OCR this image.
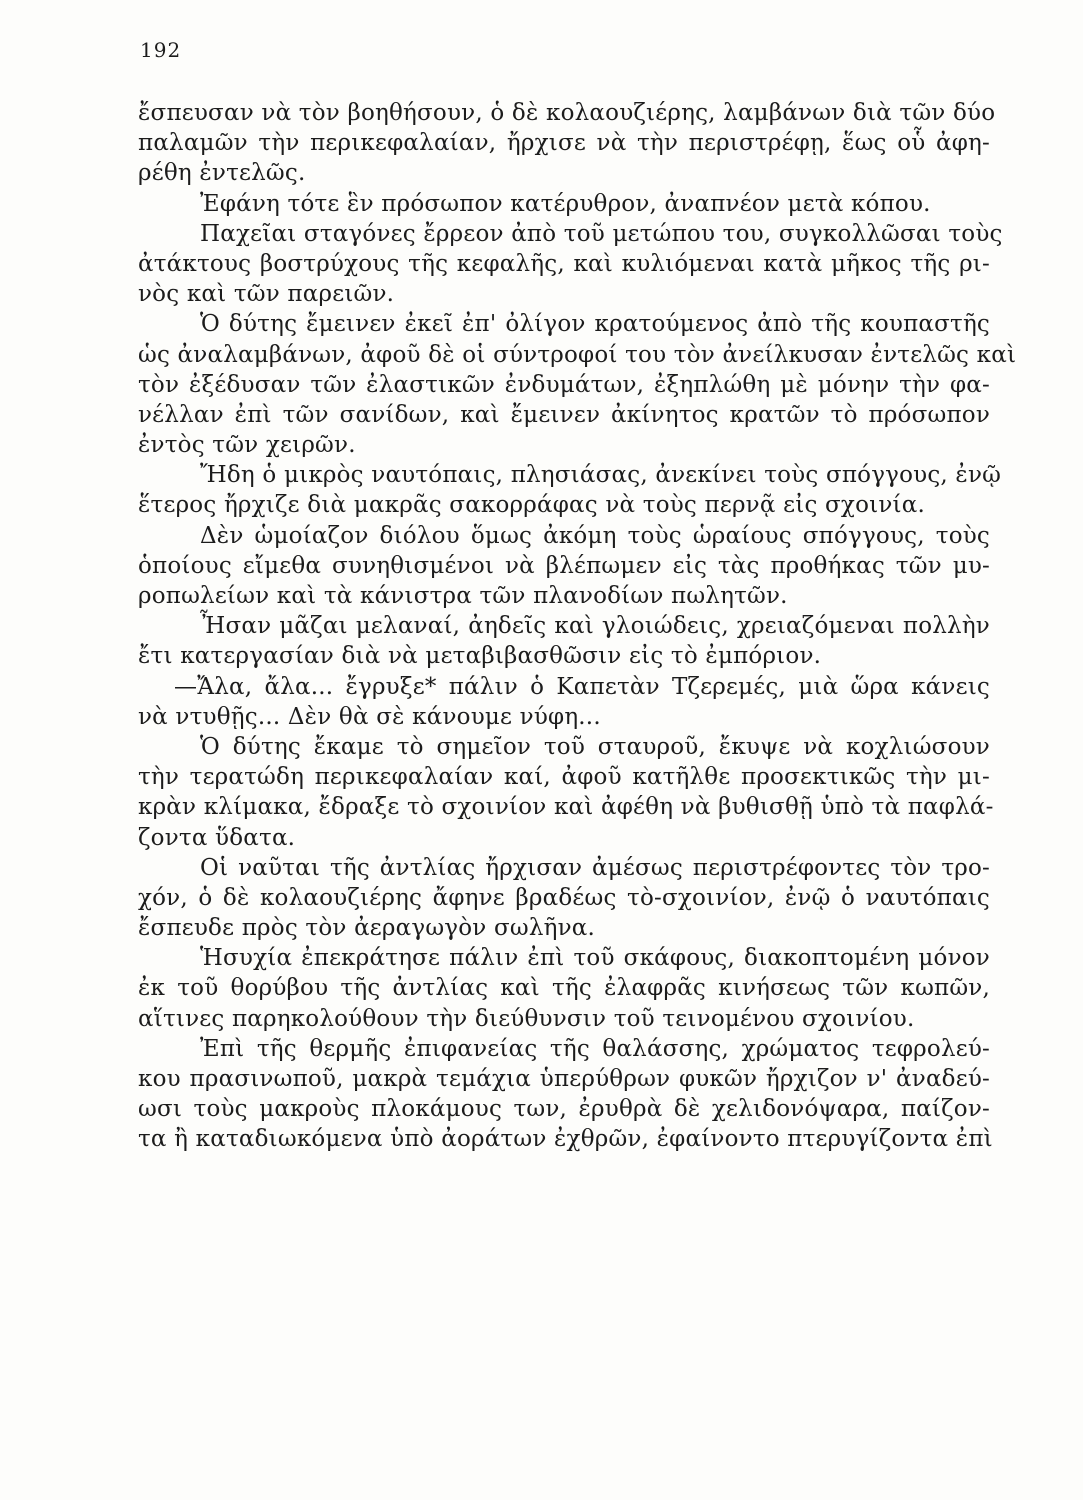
192
ἔσπευσαν νὰ τὸν βοηθήσουν, ὁ δὲ κολαουζιέρης, λαμβάνων διὰ τῶν δύο
παλαμῶν τὴν περικεφαλαίαν, ἤρχισε νὰ τὴν περιστρέφῃ, ἕως οὗ ἀφη-
ρέθη ἐντελῶς.
Ἐφάνη τότε ἓν πρόσωπον κατέρυθρον, ἀναπνέον μετὰ κόπου.
Παχεῖαι σταγόνες ἔρρεον ἀπὸ τοῦ μετώπου του, συγκολλῶσαι τοὺς
ἀτάκτους βοστρύχους τῆς κεφαλῆς, καὶ κυλιόμεναι κατὰ μῆκος τῆς ρι-
νὸς καὶ τῶν παρειῶν.
Ὁ δύτης ἔμεινεν ἐκεῖ ἐπ' ὀλίγον κρατούμενος ἀπὸ τῆς κουπαστῆς
ὡς ἀναλαμβάνων, ἀφοῦ δὲ οἱ σύντροφοί του τὸν ἀνείλκυσαν ἐντελῶς καὶ
τὸν ἐξέδυσαν τῶν ἐλαστικῶν ἐνδυμάτων, ἐξηπλώθη μὲ μόνην τὴν φα-
νέλλαν ἐπὶ τῶν σανίδων, καὶ ἔμεινεν ἀκίνητος κρατῶν τὸ πρόσωπον
ἐντὸς τῶν χειρῶν.
Ἤδη ὁ μικρὸς ναυτόπαις, πλησιάσας, ἀνεκίνει τοὺς σπόγγους, ἐνῷ
ἕτερος ἤρχιζε διὰ μακρᾶς σακορράφας νὰ τοὺς περνᾷ εἰς σχοινία.
Δὲν ὡμοίαζον διόλου ὅμως ἀκόμη τοὺς ὡραίους σπόγγους, τοὺς
ὁποίους εἴμεθα συνηθισμένοι νὰ βλέπωμεν εἰς τὰς προθήκας τῶν μυ-
ροπωλείων καὶ τὰ κάνιστρα τῶν πλανοδίων πωλητῶν.
Ἦσαν μᾶζαι μελαναί, ἀηδεῖς καὶ γλοιώδεις, χρειαζόμεναι πολλὴν
ἔτι κατεργασίαν διὰ νὰ μεταβιβασθῶσιν εἰς τὸ ἐμπόριον.
—Ἄλα, ἄλα... ἔγρυξε* πάλιν ὁ Καπετὰν Τζερεμές, μιὰ ὥρα κάνεις
νὰ ντυθῇς... Δὲν θὰ σὲ κάνουμε νύφη...
Ὁ δύτης ἔκαμε τὸ σημεῖον τοῦ σταυροῦ, ἔκυψε νὰ κοχλιώσουν
τὴν τερατώδη περικεφαλαίαν καί, ἀφοῦ κατῆλθε προσεκτικῶς τὴν μι-
κρὰν κλίμακα, ἔδραξε τὸ σχοινίον καὶ ἀφέθη νὰ βυθισθῇ ὑπὸ τὰ παφλά-
ζοντα ὕδατα.
Οἱ ναῦται τῆς ἀντλίας ἤρχισαν ἀμέσως περιστρέφοντες τὸν τρο-
χόν, ὁ δὲ κολαουζιέρης ἄφηνε βραδέως τὸ-σχοινίον, ἐνῷ ὁ ναυτόπαις
ἔσπευδε πρὸς τὸν ἀεραγωγὸν σωλῆνα.
Ἡσυχία ἐπεκράτησε πάλιν ἐπὶ τοῦ σκάφους, διακοπτομένη μόνον
ἐκ τοῦ θορύβου τῆς ἀντλίας καὶ τῆς ἐλαφρᾶς κινήσεως τῶν κωπῶν,
αἵτινες παρηκολούθουν τὴν διεύθυνσιν τοῦ τεινομένου σχοινίου.
Ἐπὶ τῆς θερμῆς ἐπιφανείας τῆς θαλάσσης, χρώματος τεφρολεύ-
κου πρασινωποῦ, μακρὰ τεμάχια ὑπερύθρων φυκῶν ἤρχιζον ν' ἀναδεύ-
ωσι τοὺς μακροὺς πλοκάμους των, ἐρυθρὰ δὲ χελιδονόψαρα, παίζον-
τα ἢ καταδιωκόμενα ὑπὸ ἀοράτων ἐχθρῶν, ἐφαίνοντο πτερυγίζοντα ἐπὶ
